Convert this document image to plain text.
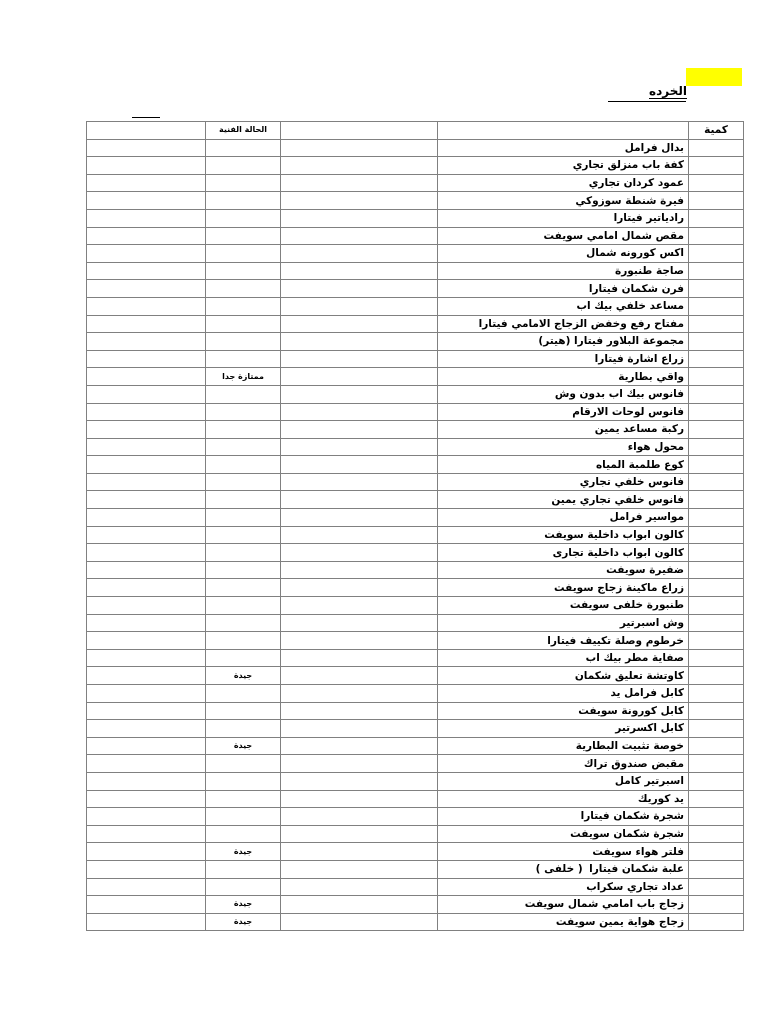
الخرده
	الحالة الفنية			كمية
			بدال فرامل	
			كفة باب منزلق تجاري	
			عمود كردان تجاري	
			فيرة شنطة سوزوكي	
			رادياتير فيتارا	
			مقص شمال امامي سويفت	
			اكس كورونه شمال	
			صاجة طنبورة	
			فرن شكمان فيتارا	
			مساعد خلفي بيك اب	
			مفتاح رفع وخفض الزجاج الامامي فيتارا	
			مجموعة البلاور فيتارا (هيتر)	
			زراع اشارة فيتارا	
	ممتازة جدا		واقي بطارية	
			فانوس بيك اب بدون وش	
			فانوس لوحات الارقام	
			ركبة مساعد يمين	
			محول هواء	
			كوع طلمبة المياه	
			فانوس خلفي تجاري	
			فانوس خلفي تجاري يمين	
			مواسير فرامل	
			كالون ابواب داخلية سويفت	
			كالون ابواب داخلية تجارى	
			ضفيرة سويفت	
			زراع ماكينة زجاج سويفت	
			طنبورة خلفى سويفت	
			وش اسبرتير	
			خرطوم وصلة تكييف فيتارا	
			صفاية مطر بيك اب	
	جيدة		كاوتشة تعليق شكمان	
			كابل فرامل يد	
			كابل كورونة سويفت	
			كابل اكسرتير	
	جيدة		خوصة تثبيت البطارية	
			مقبض صندوق تراك	
			اسبرتير كامل	
			يد كوريك	
			شجرة شكمان فيتارا	
			شجرة شكمان سويفت	
	جيدة		فلتر هواء سويفت	
			علبة شكمان فيتارا( خلفى )	
			عداد تجاري سكراب	
	جيدة		زجاج باب امامي شمال سويفت	
	جيدة		زجاج هواية يمين سويفت	
